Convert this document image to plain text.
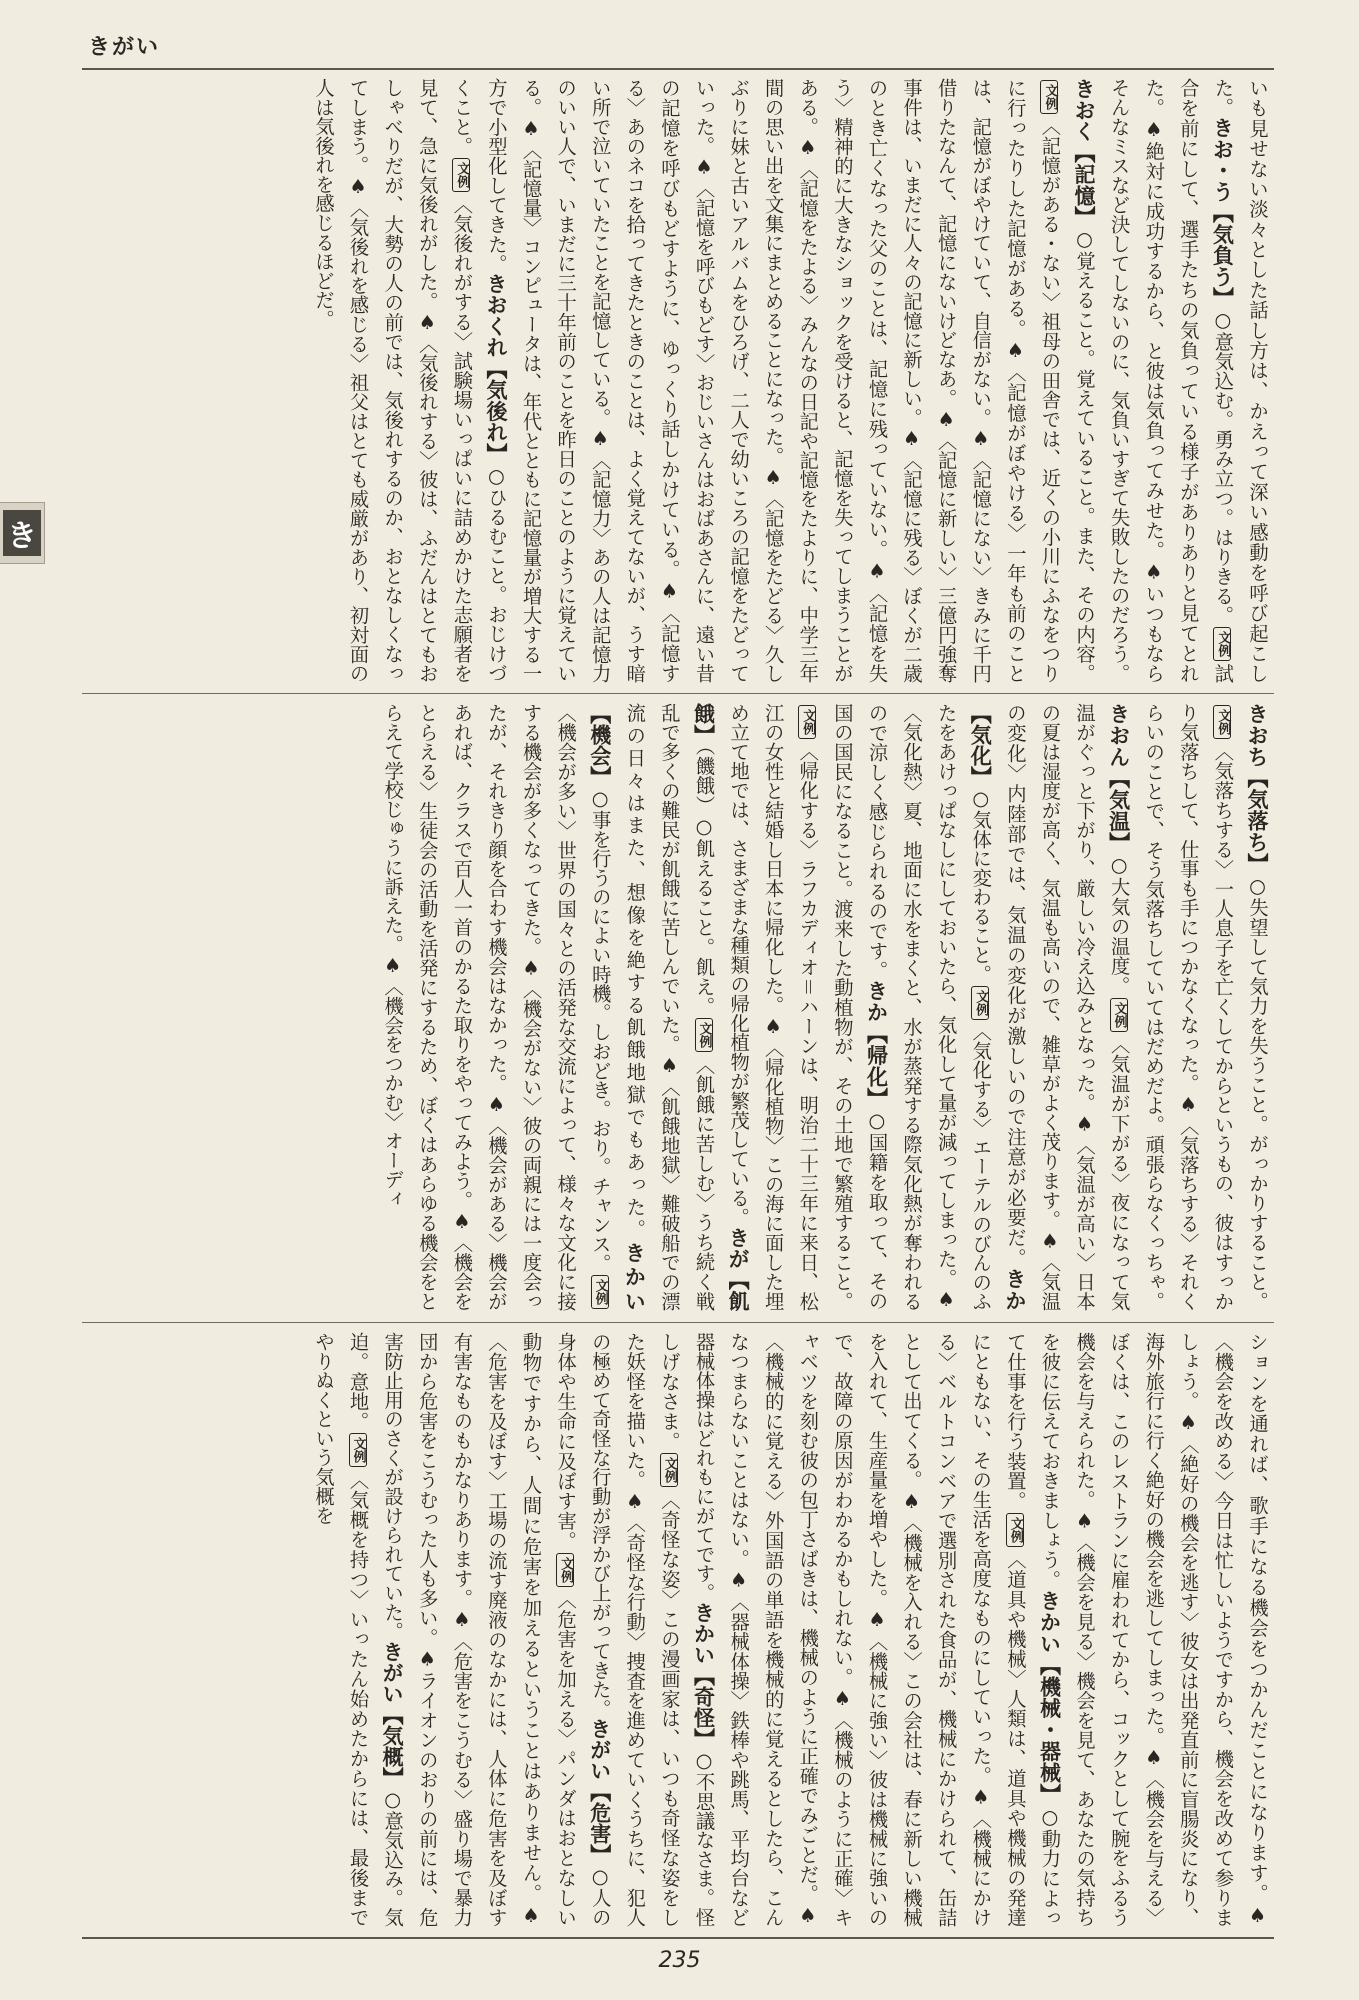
きがい
き	いも見せない淡々とした話し方は、かえって深い感動を呼び起こした。きお・う【気負う】○意気込む。勇み立つ。はりきる。文例試合を前にして、選手たちの気負っている様子がありありと見てとれた。♠絶対に成功するから、と彼は気負ってみせた。♠いつもならそんなミスなど決してしないのに、気負いすぎて失敗したのだろう。きおく【記憶】○覚えること。覚えていること。また、その内容。文例〈記憶がある・ない〉祖母の田舎では、近くの小川にふなをつりに行ったりした記憶がある。♠〈記憶がぼやける〉一年も前のことは、記憶がぼやけていて、自信がない。♠〈記憶にない〉きみに千円借りたなんて、記憶にないけどなあ。♠〈記憶に新しい〉三億円強奪事件は、いまだに人々の記憶に新しい。♠〈記憶に残る〉ぼくが二歳のとき亡くなった父のことは、記憶に残っていない。♠〈記憶を失う〉精神的に大きなショックを受けると、記憶を失ってしまうことがある。♠〈記憶をたよる〉みんなの日記や記憶をたよりに、中学三年間の思い出を文集にまとめることになった。♠〈記憶をたどる〉久しぶりに妹と古いアルバムをひろげ、二人で幼いころの記憶をたどっていった。♠〈記憶を呼びもどす〉おじいさんはおばあさんに、遠い昔の記憶を呼びもどすように、ゆっくり話しかけている。♠〈記憶する〉あのネコを拾ってきたときのことは、よく覚えてないが、うす暗い所で泣いていたことを記憶している。♠〈記憶力〉あの人は記憶力のいい人で、いまだに三十年前のことを昨日のことのように覚えている。♠〈記憶量〉コンピュータは、年代とともに記憶量が増大する一方で小型化してきた。きおくれ【気後れ】○ひるむこと。おじけづくこと。文例〈気後れがする〉試験場いっぱいに詰めかけた志願者を見て、急に気後れがした。♠〈気後れする〉彼は、ふだんはとてもおしゃべりだが、大勢の人の前では、気後れするのか、おとなしくなってしまう。♠〈気後れを感じる〉祖父はとても威厳があり、初対面の人は気後れを感じるほどだ。
きおち【気落ち】○失望して気力を失うこと。がっかりすること。文例〈気落ちする〉一人息子を亡くしてからというもの、彼はすっかり気落ちして、仕事も手につかなくなった。♠〈気落ちする〉それくらいのことで、そう気落ちしていてはだめだよ。頑張らなくっちゃ。きおん【気温】○大気の温度。文例〈気温が下がる〉夜になって気温がぐっと下がり、厳しい冷え込みとなった。♠〈気温が高い〉日本の夏は湿度が高く、気温も高いので、雑草がよく茂ります。♠〈気温の変化〉内陸部では、気温の変化が激しいので注意が必要だ。きか【気化】○気体に変わること。文例〈気化する〉エーテルのびんのふたをあけっぱなしにしておいたら、気化して量が減ってしまった。♠〈気化熱〉夏、地面に水をまくと、水が蒸発する際気化熱が奪われるので涼しく感じられるのです。きか【帰化】○国籍を取って、その国の国民になること。渡来した動植物が、その土地で繁殖すること。文例〈帰化する〉ラフカディオ＝ハーンは、明治二十三年に来日、松江の女性と結婚し日本に帰化した。♠〈帰化植物〉この海に面した埋め立て地では、さまざまな種類の帰化植物が繁茂している。きが【飢餓】（饑餓）○飢えること。飢え。文例〈飢餓に苦しむ〉うち続く戦乱で多くの難民が飢餓に苦しんでいた。♠〈飢餓地獄〉難破船での漂流の日々はまた、想像を絶する飢餓地獄でもあった。きかい【機会】○事を行うのによい時機。しおどき。おり。チャンス。文例〈機会が多い〉世界の国々との活発な交流によって、様々な文化に接する機会が多くなってきた。♠〈機会がない〉彼の両親には一度会ったが、それきり顔を合わす機会はなかった。♠〈機会がある〉機会があれば、クラスで百人一首のかるた取りをやってみよう。♠〈機会をとらえる〉生徒会の活動を活発にするため、ぼくはあらゆる機会をとらえて学校じゅうに訴えた。♠〈機会をつかむ〉オーディ
ションを通れば、歌手になる機会をつかんだことになります。♠〈機会を改める〉今日は忙しいようですから、機会を改めて参りましょう。♠〈絶好の機会を逃す〉彼女は出発直前に盲腸炎になり、海外旅行に行く絶好の機会を逃してしまった。♠〈機会を与える〉ぼくは、このレストランに雇われてから、コックとして腕をふるう機会を与えられた。♠〈機会を見る〉機会を見て、あなたの気持ちを彼に伝えておきましょう。きかい【機械・器械】○動力によって仕事を行う装置。文例〈道具や機械〉人類は、道具や機械の発達にともない、その生活を高度なものにしていった。♠〈機械にかける〉ベルトコンベアで選別された食品が、機械にかけられて、缶詰として出てくる。♠〈機械を入れる〉この会社は、春に新しい機械を入れて、生産量を増やした。♠〈機械に強い〉彼は機械に強いので、故障の原因がわかるかもしれない。♠〈機械のように正確〉キャベツを刻む彼の包丁さばきは、機械のように正確でみごとだ。♠〈機械的に覚える〉外国語の単語を機械的に覚えるとしたら、こんなつまらないことはない。♠〈器械体操〉鉄棒や跳馬、平均台など器械体操はどれもにがてです。きかい【奇怪】○不思議なさま。怪しげなさま。文例〈奇怪な姿〉この漫画家は、いつも奇怪な姿をした妖怪を描いた。♠〈奇怪な行動〉捜査を進めていくうちに、犯人の極めて奇怪な行動が浮かび上がってきた。きがい【危害】○人の身体や生命に及ぼす害。文例〈危害を加える〉パンダはおとなしい動物ですから、人間に危害を加えるということはありません。♠〈危害を及ぼす〉工場の流す廃液のなかには、人体に危害を及ぼす有害なものもかなりあります。♠〈危害をこうむる〉盛り場で暴力団から危害をこうむった人も多い。♠ライオンのおりの前には、危害防止用のさくが設けられていた。きがい【気概】○意気込み。気迫。意地。文例〈気概を持つ〉いったん始めたからには、最後までやりぬくという気概を
235
